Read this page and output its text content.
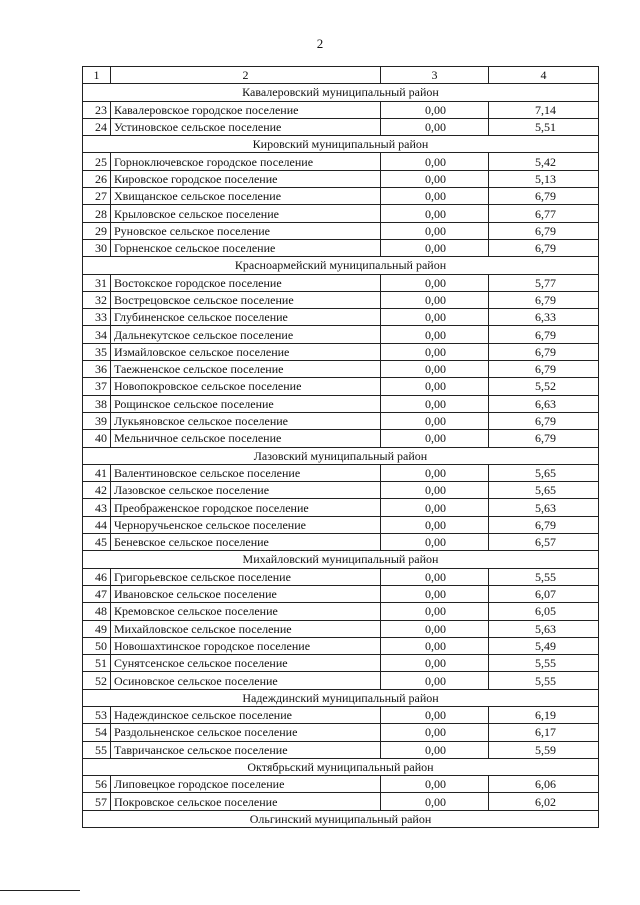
2
1	2	3	4
Кавалеровский муниципальный район			
23	Кавалеровское городское поселение	0,00	7,14
24	Устиновское сельское поселение	0,00	5,51
Кировский муниципальный район			
25	Горноключевское городское поселение	0,00	5,42
26	Кировское городское поселение	0,00	5,13
27	Хвищанское сельское поселение	0,00	6,79
28	Крыловское сельское поселение	0,00	6,77
29	Руновское сельское поселение	0,00	6,79
30	Горненское сельское поселение	0,00	6,79
Красноармейский муниципальный район			
31	Востокское городское поселение	0,00	5,77
32	Вострецовское сельское поселение	0,00	6,79
33	Глубиненское сельское поселение	0,00	6,33
34	Дальнекутское сельское поселение	0,00	6,79
35	Измайловское сельское поселение	0,00	6,79
36	Таежненское сельское поселение	0,00	6,79
37	Новопокровское сельское поселение	0,00	5,52
38	Рощинское сельское поселение	0,00	6,63
39	Лукьяновское сельское поселение	0,00	6,79
40	Мельничное сельское поселение	0,00	6,79
Лазовский муниципальный район			
41	Валентиновское сельское поселение	0,00	5,65
42	Лазовское сельское поселение	0,00	5,65
43	Преображенское городское поселение	0,00	5,63
44	Черноручьенское сельское поселение	0,00	6,79
45	Беневское сельское поселение	0,00	6,57
Михайловский муниципальный район			
46	Григорьевское сельское поселение	0,00	5,55
47	Ивановское сельское поселение	0,00	6,07
48	Кремовское сельское поселение	0,00	6,05
49	Михайловское сельское поселение	0,00	5,63
50	Новошахтинское городское поселение	0,00	5,49
51	Сунятсенское сельское поселение	0,00	5,55
52	Осиновское сельское поселение	0,00	5,55
Надеждинский муниципальный район			
53	Надеждинское сельское поселение	0,00	6,19
54	Раздольненское сельское поселение	0,00	6,17
55	Тавричанское сельское поселение	0,00	5,59
Октябрьский муниципальный район			
56	Липовецкое городское поселение	0,00	6,06
57	Покровское сельское поселение	0,00	6,02
Ольгинский муниципальный район			
